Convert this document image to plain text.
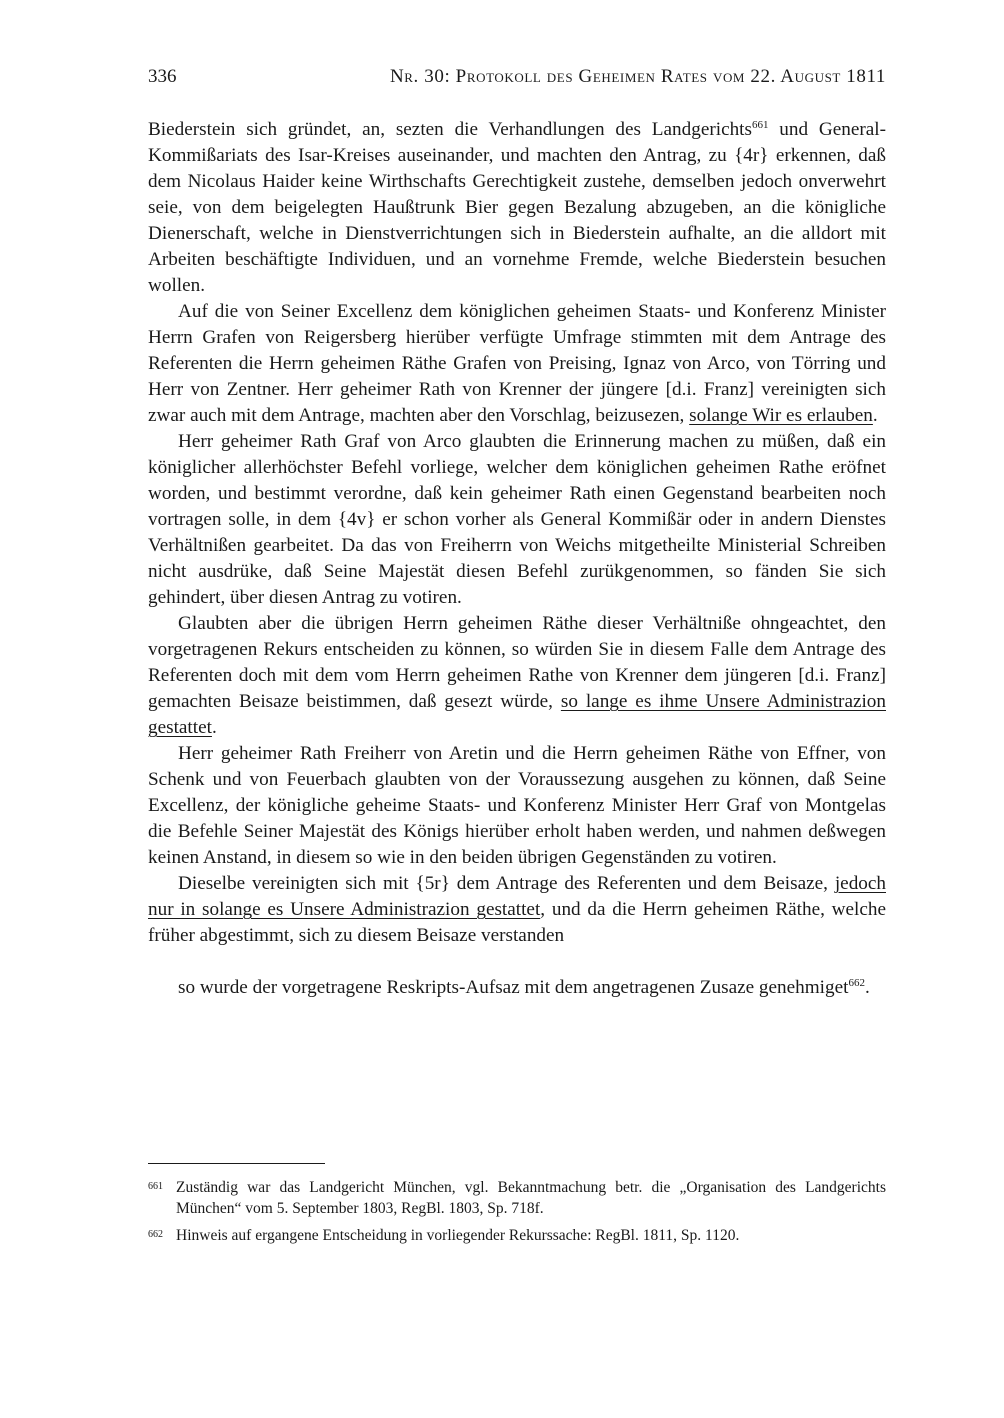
336	Nr. 30: Protokoll des Geheimen Rates vom 22. August 1811

Biederstein sich gründet, an, sezten die Verhandlungen des Landgerichts$^{661}$ und General-Kommißariats des Isar-Kreises auseinander, und machten den Antrag, zu {4r} erkennen, daß dem Nicolaus Haider keine Wirthschafts Gerechtigkeit zustehe, demselben jedoch onverwehrt seie, von dem beigelegten Haußtrunk Bier gegen Bezalung abzugeben, an die königliche Dienerschaft, welche in Dienstverrichtungen sich in Biederstein aufhalte, an die alldort mit Arbeiten beschäftigte Individuen, und an vornehme Fremde, welche Biederstein besuchen wollen.

Auf die von Seiner Excellenz dem königlichen geheimen Staats- und Konferenz Minister Herrn Grafen von Reigersberg hierüber verfügte Umfrage stimmten mit dem Antrage des Referenten die Herrn geheimen Räthe Grafen von Preising, Ignaz von Arco, von Törring und Herr von Zentner. Herr geheimer Rath von Krenner der jüngere [d.i. Franz] vereinigten sich zwar auch mit dem Antrage, machten aber den Vorschlag, beizusezen, solange Wir es erlauben.

Herr geheimer Rath Graf von Arco glaubten die Erinnerung machen zu müßen, daß ein königlicher allerhöchster Befehl vorliege, welcher dem königlichen geheimen Rathe eröfnet worden, und bestimmt verordne, daß kein geheimer Rath einen Gegenstand bearbeiten noch vortragen solle, in dem {4v} er schon vorher als General Kommißär oder in andern Dienstes Verhältnißen gearbeitet. Da das von Freiherrn von Weichs mitgetheilte Ministerial Schreiben nicht ausdrüke, daß Seine Majestät diesen Befehl zurükgenommen, so fänden Sie sich gehindert, über diesen Antrag zu votiren.

Glaubten aber die übrigen Herrn geheimen Räthe dieser Verhältniße ohngeachtet, den vorgetragenen Rekurs entscheiden zu können, so würden Sie in diesem Falle dem Antrage des Referenten doch mit dem vom Herrn geheimen Rathe von Krenner dem jüngeren [d.i. Franz] gemachten Beisaze beistimmen, daß gesezt würde, so lange es ihme Unsere Administrazion gestattet.

Herr geheimer Rath Freiherr von Aretin und die Herrn geheimen Räthe von Effner, von Schenk und von Feuerbach glaubten von der Voraussezung ausgehen zu können, daß Seine Excellenz, der königliche geheime Staats- und Konferenz Minister Herr Graf von Montgelas die Befehle Seiner Majestät des Königs hierüber erholt haben werden, und nahmen deßwegen keinen Anstand, in diesem so wie in den beiden übrigen Gegenständen zu votiren.

Dieselbe vereinigten sich mit {5r} dem Antrage des Referenten und dem Beisaze, jedoch nur in solange es Unsere Administrazion gestattet, und da die Herrn geheimen Räthe, welche früher abgestimmt, sich zu diesem Beisaze verstanden

so wurde der vorgetragene Reskripts-Aufsaz mit dem angetragenen Zusaze genehmiget$^{662}$.

661 Zuständig war das Landgericht München, vgl. Bekanntmachung betr. die „Organisation des Landgerichts München“ vom 5. September 1803, RegBl. 1803, Sp. 718f.
662 Hinweis auf ergangene Entscheidung in vorliegender Rekurssache: RegBl. 1811, Sp. 1120.
